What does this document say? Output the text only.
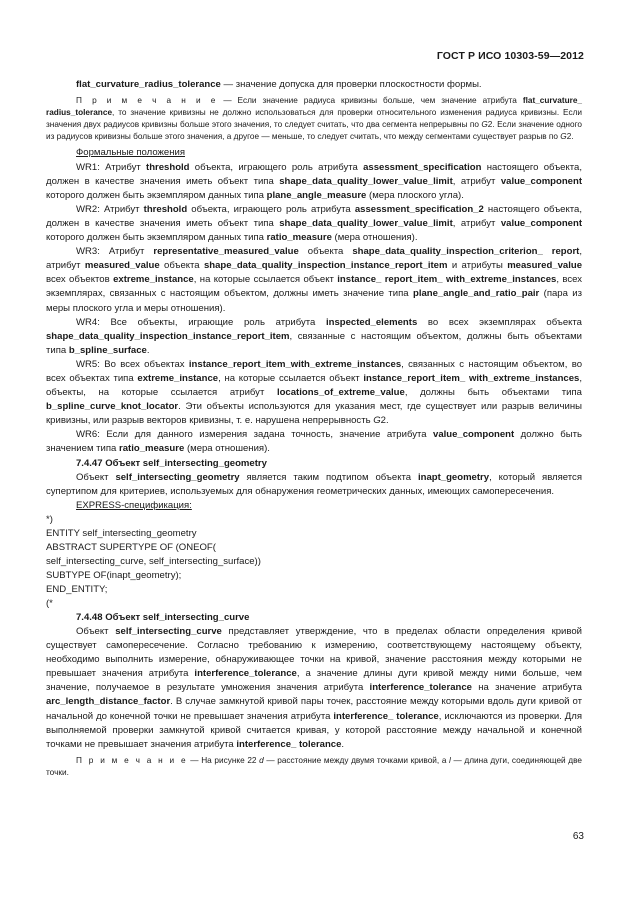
ГОСТ Р ИСО 10303-59—2012

flat_curvature_radius_tolerance — значение допуска для проверки плоскостности формы.

П р и м е ч а н и е — Если значение радиуса кривизны больше, чем значение атрибута flat_curvature_ radius_tolerance, то значение кривизны не должно использоваться для проверки относительного изменения радиуса кривизны. Если значения двух радиусов кривизны больше этого значения, то следует считать, что два сегмента непрерывны по G2. Если значение одного из радиусов кривизны больше этого значения, а другое — меньше, то следует считать, что между сегментами существует разрыв по G2.

Формальные положения

WR1: Атрибут threshold объекта, играющего роль атрибута assessment_specification настоящего объекта, должен в качестве значения иметь объект типа shape_data_quality_lower_value_limit, атрибут value_component которого должен быть экземпляром данных типа plane_angle_measure (мера плоского угла).

WR2: Атрибут threshold объекта, играющего роль атрибута assessment_specification_2 настоящего объекта, должен в качестве значения иметь объект типа shape_data_quality_lower_value_limit, атрибут value_component которого должен быть экземпляром данных типа ratio_measure (мера отношения).

WR3: Атрибут representative_measured_value объекта shape_data_quality_inspection_criterion_ report, атрибут measured_value объекта shape_data_quality_inspection_instance_report_item и атрибуты measured_value всех объектов extreme_instance, на которые ссылается объект instance_ report_item_ with_extreme_instances, всех экземплярах, связанных с настоящим объектом, должны иметь значение типа plane_angle_and_ratio_pair (пара из меры плоского угла и меры отношения).

WR4: Все объекты, играющие роль атрибута inspected_elements во всех экземплярах объекта shape_data_quality_inspection_instance_report_item, связанные с настоящим объектом, должны быть объектами типа b_spline_surface.

WR5: Во всех объектах instance_report_item_with_extreme_instances, связанных с настоящим объектом, во всех объектах типа extreme_instance, на которые ссылается объект instance_report_item_ with_extreme_instances, объекты, на которые ссылается атрибут locations_of_extreme_value, должны быть объектами типа b_spline_curve_knot_locator. Эти объекты используются для указания мест, где существует или разрыв величины кривизны, или разрыв векторов кривизны, т. е. нарушена непрерывность G2.

WR6: Если для данного измерения задана точность, значение атрибута value_component должно быть значением типа ratio_measure (мера отношения).

7.4.47 Объект self_intersecting_geometry

Объект self_intersecting_geometry является таким подтипом объекта inapt_geometry, который является супертипом для критериев, используемых для обнаружения геометрических данных, имеющих самопересечения.

EXPRESS-спецификация:

*)
ENTITY self_intersecting_geometry
ABSTRACT SUPERTYPE OF (ONEOF(
self_intersecting_curve, self_intersecting_surface))
SUBTYPE OF(inapt_geometry);
END_ENTITY;
(*

7.4.48 Объект self_intersecting_curve

Объект self_intersecting_curve представляет утверждение, что в пределах области определения кривой существует самопересечение. Согласно требованию к измерению, соответствующему настоящему объекту, необходимо выполнить измерение, обнаруживающее точки на кривой, значение расстояния между которыми не превышает значения атрибута interference_tolerance, а значение длины дуги кривой между ними больше, чем значение, получаемое в результате умножения значения атрибута interference_tolerance на значение атрибута arc_length_distance_factor. В случае замкнутой кривой пары точек, расстояние между которыми вдоль дуги кривой от начальной до конечной точки не превышает значения атрибута interference_ tolerance, исключаются из проверки. Для выполняемой проверки замкнутой кривой считается кривая, у которой расстояние между начальной и конечной точками не превышает значения атрибута interference_ tolerance.

П р и м е ч а н и е — На рисунке 22 d — расстояние между двумя точками кривой, а l — длина дуги, соединяющей две точки.

63
